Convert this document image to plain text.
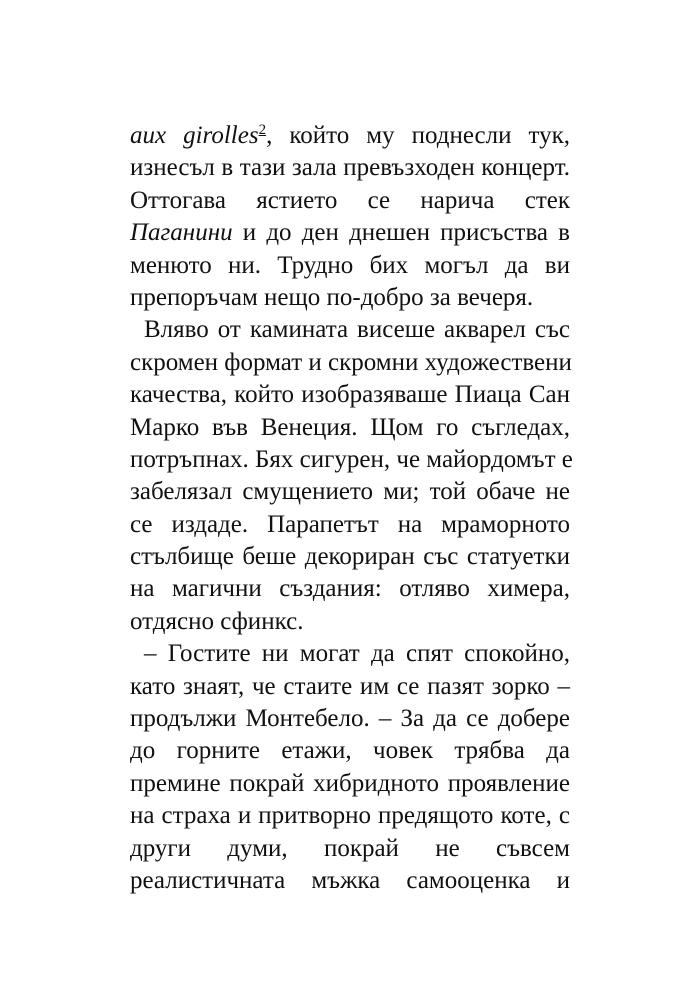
aux girolles$^2$, който му поднесли тук,
изнесъл в тази зала превъзходен концерт.
Оттогава ястието се нарича стек
Паганини и до ден днешен присъства в
менюто ни. Трудно бих могъл да ви
препоръчам нещо по-добро за вечеря.
Вляво от камината висеше акварел със
скромен формат и скромни художествени
качества, който изобразяваше Пиаца Сан
Марко във Венеция. Щом го съгледах,
потръпнах. Бях сигурен, че майордомът е
забелязал смущението ми; той обаче не
се издаде. Парапетът на мраморното
стълбище беше декориран със статуетки
на магични създания: отляво химера,
отдясно сфинкс.
– Гостите ни могат да спят спокойно,
като знаят, че стаите им се пазят зорко –
продължи Монтебело. – За да се добере
до горните етажи, човек трябва да
премине покрай хибридното проявление
на страха и притворно предящото коте, с
други думи, покрай не съвсем
реалистичната мъжка самооценка и
